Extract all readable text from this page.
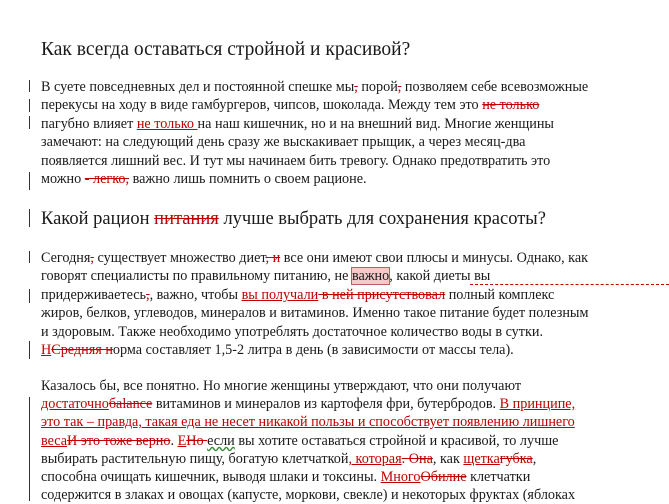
Как всегда оставаться стройной и красивой?
В суете повседневных дел и постоянной спешке мы, порой, позволяем себе всевозможные
перекусы на ходу в виде гамбургеров, чипсов, шоколада. Между тем это не только
пагубно влияет не только на наш кишечник, но и на внешний вид. Многие женщины
замечают: на следующий день сразу же выскакивает прыщик, а через месяц-два
появляется лишний вес. И тут мы начинаем бить тревогу. Однако предотвратить это
можно - легко, важно лишь помнить о своем рационе.
Какой рацион питания лучше выбрать для сохранения красоты?
Сегодня, существует множество диет, и все они имеют свои плюсы и минусы. Однако, как
говорят специалисты по правильному питанию, не важно, какой диеты вы
придерживаетесь,, важно, чтобы вы получали в ней присутствовал полный комплекс
жиров, белков, углеводов, минералов и витаминов. Именно такое питание будет полезным
и здоровым. Также необходимо употреблять достаточное количество воды в сутки.
НСредняя норма составляет 1,5-2 литра в день (в зависимости от массы тела).
Казалось бы, все понятно. Но многие женщины утверждают, что они получают
достаточнобalance витаминов и минералов из картофеля фри, бутербродов. В принципе,
это так – правда, такая еда не несет никакой пользы и способствует появлению лишнего
весаИ это тоже верно. ЕНо если вы хотите оставаться стройной и красивой, то лучше
выбирать растительную пищу, богатую клетчаткой, которая. Она, как щеткагубка,
способна очищать кишечник, выводя шлаки и токсины. МногоОбилие клетчатки
содержится в злаках и овощах (капусте, моркови, свекле) и некоторых фруктах (яблоках
